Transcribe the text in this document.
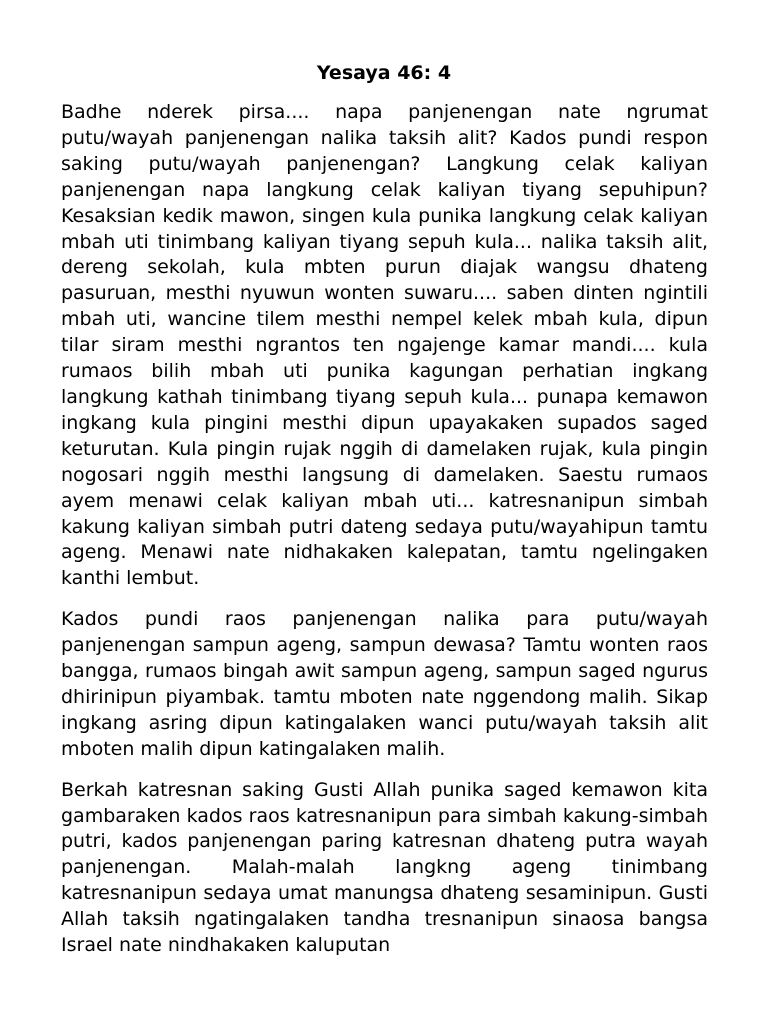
Yesaya 46: 4

Badhe nderek pirsa.... napa panjenengan nate ngrumat putu/wayah panjenengan nalika taksih alit? Kados pundi respon saking putu/wayah panjenengan? Langkung celak kaliyan panjenengan napa langkung celak kaliyan tiyang sepuhipun? Kesaksian kedik mawon, singen kula punika langkung celak kaliyan mbah uti tinimbang kaliyan tiyang sepuh kula... nalika taksih alit, dereng sekolah, kula mbten purun diajak wangsu dhateng pasuruan, mesthi nyuwun wonten suwaru.... saben dinten ngintili mbah uti, wancine tilem mesthi nempel kelek mbah kula, dipun tilar siram mesthi ngrantos ten ngajenge kamar mandi.... kula rumaos bilih mbah uti punika kagungan perhatian ingkang langkung kathah tinimbang tiyang sepuh kula... punapa kemawon ingkang kula pingini mesthi dipun upayakaken supados saged keturutan. Kula pingin rujak nggih di damelaken rujak, kula pingin nogosari nggih mesthi langsung di damelaken. Saestu rumaos ayem menawi celak kaliyan mbah uti... katresnanipun simbah kakung kaliyan simbah putri dateng sedaya putu/wayahipun tamtu ageng. Menawi nate nidhakaken kalepatan, tamtu ngelingaken kanthi lembut.

Kados pundi raos panjenengan nalika para putu/wayah panjenengan sampun ageng, sampun dewasa? Tamtu wonten raos bangga, rumaos bingah awit sampun ageng, sampun saged ngurus dhirinipun piyambak. tamtu mboten nate nggendong malih. Sikap ingkang asring dipun katingalaken wanci putu/wayah taksih alit mboten malih dipun katingalaken malih.

Berkah katresnan saking Gusti Allah punika saged kemawon kita gambaraken kados raos katresnanipun para simbah kakung-simbah putri, kados panjenengan paring katresnan dhateng putra wayah panjenengan. Malah-malah langkng ageng tinimbang katresnanipun sedaya umat manungsa dhateng sesaminipun. Gusti Allah taksih ngatingalaken tandha tresnanipun sinaosa bangsa Israel nate nindhakaken kaluputan
